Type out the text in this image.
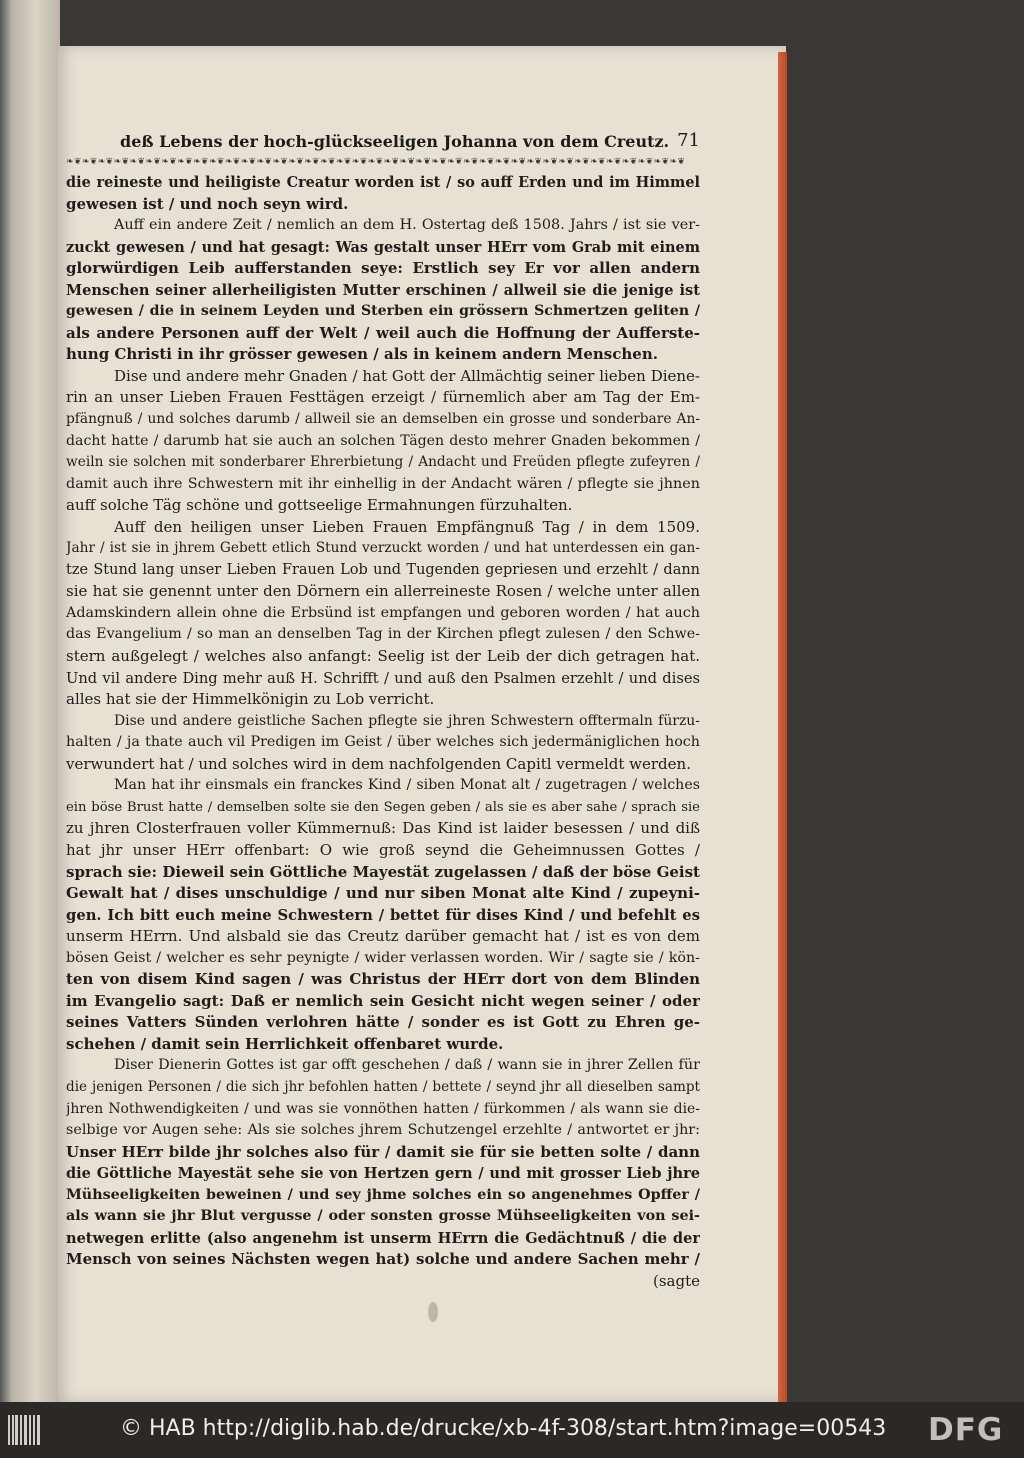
deß Lebens der hoch-glückseeligen Johanna von dem Creutz. 71
❧❦❧❦❧❦❧❦❧❦❧❦❧❦❧❦❧❦❧❦❧❦❧❦❧❦❧❦❧❦❧❦❧❦❧❦❧❦❧❦❧❦❧❦❧❦❧❦❧❦❧❦❧❦❧❦❧❦❧❦❧❦❧❦❧❦❧❦❧❦❧❦❧❦❧❦❧❦
die reineste und heiligiste Creatur worden ist / so auff Erden und im Himmel
gewesen ist / und noch seyn wird.
Auff ein andere Zeit / nemlich an dem H. Ostertag deß 1508. Jahrs / ist sie ver-
zuckt gewesen / und hat gesagt: Was gestalt unser HErr vom Grab mit einem
glorwürdigen Leib aufferstanden seye: Erstlich sey Er vor allen andern
Menschen seiner allerheiligisten Mutter erschinen / allweil sie die jenige ist
gewesen / die in seinem Leyden und Sterben ein grössern Schmertzen geliten /
als andere Personen auff der Welt / weil auch die Hoffnung der Aufferste-
hung Christi in ihr grösser gewesen / als in keinem andern Menschen.
Dise und andere mehr Gnaden / hat Gott der Allmächtig seiner lieben Diene-
rin an unser Lieben Frauen Festtägen erzeigt / fürnemlich aber am Tag der Em-
pfängnuß / und solches darumb / allweil sie an demselben ein grosse und sonderbare An-
dacht hatte / darumb hat sie auch an solchen Tägen desto mehrer Gnaden bekommen /
weiln sie solchen mit sonderbarer Ehrerbietung / Andacht und Freüden pflegte zufeyren /
damit auch ihre Schwestern mit ihr einhellig in der Andacht wären / pflegte sie jhnen
auff solche Täg schöne und gottseelige Ermahnungen fürzuhalten.
Auff den heiligen unser Lieben Frauen Empfängnuß Tag / in dem 1509.
Jahr / ist sie in jhrem Gebett etlich Stund verzuckt worden / und hat unterdessen ein gan-
tze Stund lang unser Lieben Frauen Lob und Tugenden gepriesen und erzehlt / dann
sie hat sie genennt unter den Dörnern ein allerreineste Rosen / welche unter allen
Adamskindern allein ohne die Erbsünd ist empfangen und geboren worden / hat auch
das Evangelium / so man an denselben Tag in der Kirchen pflegt zulesen / den Schwe-
stern außgelegt / welches also anfangt: Seelig ist der Leib der dich getragen hat.
Und vil andere Ding mehr auß H. Schrifft / und auß den Psalmen erzehlt / und dises
alles hat sie der Himmelkönigin zu Lob verricht.
Dise und andere geistliche Sachen pflegte sie jhren Schwestern offtermaln fürzu-
halten / ja thate auch vil Predigen im Geist / über welches sich jedermäniglichen hoch
verwundert hat / und solches wird in dem nachfolgenden Capitl vermeldt werden.
Man hat ihr einsmals ein franckes Kind / siben Monat alt / zugetragen / welches
ein böse Brust hatte / demselben solte sie den Segen geben / als sie es aber sahe / sprach sie
zu jhren Closterfrauen voller Kümmernuß: Das Kind ist laider besessen / und diß
hat jhr unser HErr offenbart: O wie groß seynd die Geheimnussen Gottes /
sprach sie: Dieweil sein Göttliche Mayestät zugelassen / daß der böse Geist
Gewalt hat / dises unschuldige / und nur siben Monat alte Kind / zupeyni-
gen. Ich bitt euch meine Schwestern / bettet für dises Kind / und befehlt es
unserm HErrn. Und alsbald sie das Creutz darüber gemacht hat / ist es von dem
bösen Geist / welcher es sehr peynigte / wider verlassen worden. Wir / sagte sie / kön-
ten von disem Kind sagen / was Christus der HErr dort von dem Blinden
im Evangelio sagt: Daß er nemlich sein Gesicht nicht wegen seiner / oder
seines Vatters Sünden verlohren hätte / sonder es ist Gott zu Ehren ge-
schehen / damit sein Herrlichkeit offenbaret wurde.
Diser Dienerin Gottes ist gar offt geschehen / daß / wann sie in jhrer Zellen für
die jenigen Personen / die sich jhr befohlen hatten / bettete / seynd jhr all dieselben sampt
jhren Nothwendigkeiten / und was sie vonnöthen hatten / fürkommen / als wann sie die-
selbige vor Augen sehe: Als sie solches jhrem Schutzengel erzehlte / antwortet er jhr:
Unser HErr bilde jhr solches also für / damit sie für sie betten solte / dann
die Göttliche Mayestät sehe sie von Hertzen gern / und mit grosser Lieb jhre
Mühseeligkeiten beweinen / und sey jhme solches ein so angenehmes Opffer /
als wann sie jhr Blut vergusse / oder sonsten grosse Mühseeligkeiten von sei-
netwegen erlitte (also angenehm ist unserm HErrn die Gedächtnuß / die der
Mensch von seines Nächsten wegen hat) solche und andere Sachen mehr /
(sagte
© HAB http://diglib.hab.de/drucke/xb-4f-308/start.htm?image=00543 DFG
